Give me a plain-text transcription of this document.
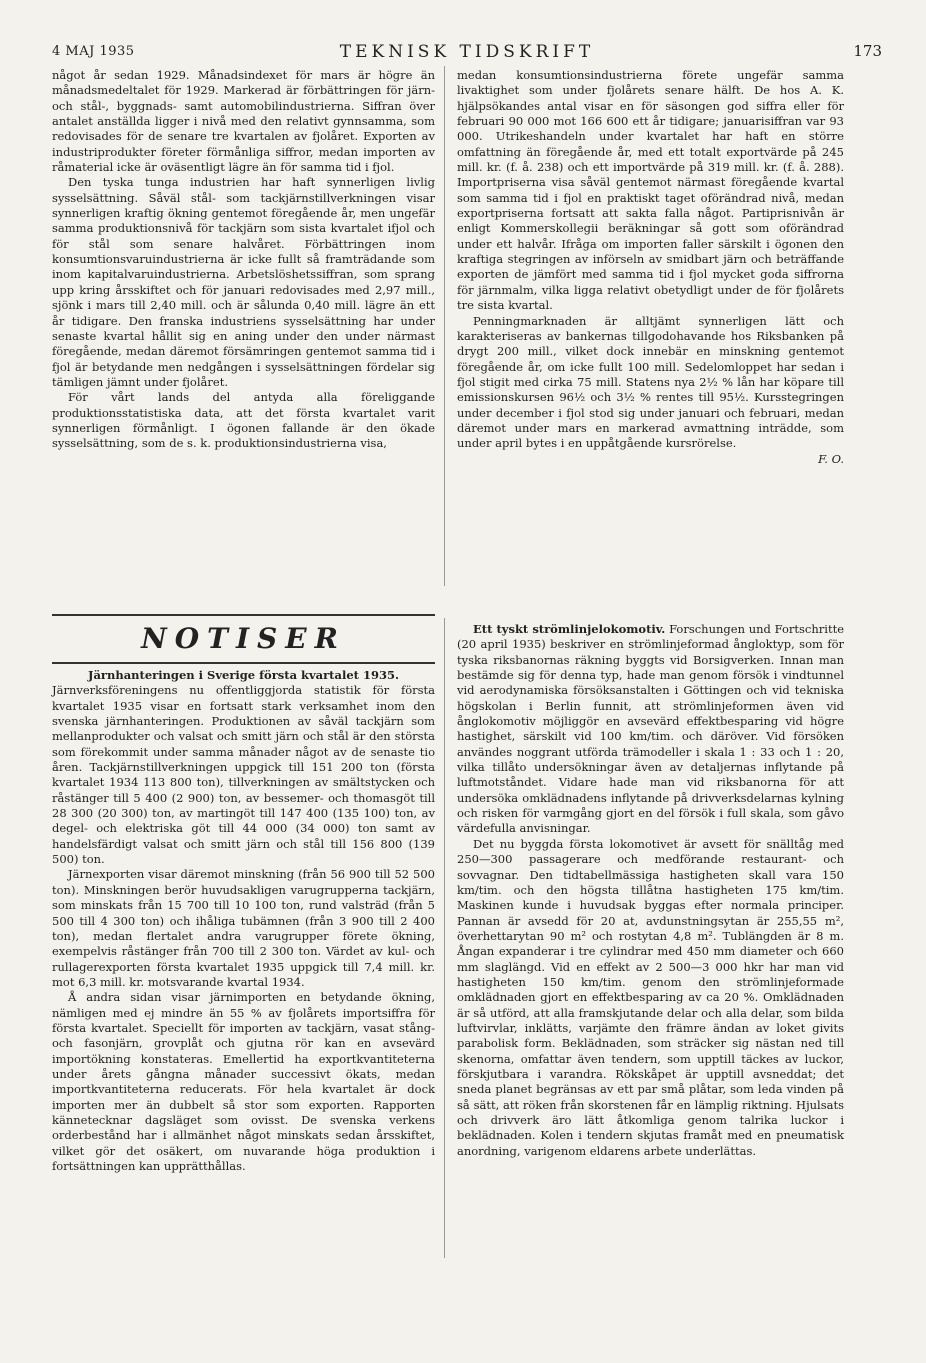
4 MAJ 1935	TEKNISK TIDSKRIFT	173

något år sedan 1929. Månadsindexet för mars är högre än månadsmedeltalet för 1929. Markerad är förbättringen för järn- och stål-, byggnads- samt automobilindustrierna. Siffran över antalet anställda ligger i nivå med den relativt gynnsamma, som redovisades för de senare tre kvartalen av fjolåret. Exporten av industriprodukter företer förmånliga siffror, medan importen av råmaterial icke är oväsentligt lägre än för samma tid i fjol.

Den tyska tunga industrien har haft synnerligen livlig sysselsättning. Såväl stål- som tackjärnstillverkningen visar synnerligen kraftig ökning gentemot föregående år, men ungefär samma produktionsnivå för tackjärn som sista kvartalet ifjol och för stål som senare halvåret. Förbättringen inom konsumtionsvaruindustrierna är icke fullt så framträdande som inom kapitalvaruindustrierna. Arbetslöshetssiffran, som sprang upp kring årsskiftet och för januari redovisades med 2,97 mill., sjönk i mars till 2,40 mill. och är sålunda 0,40 mill. lägre än ett år tidigare. Den franska industriens sysselsättning har under senaste kvartal hållit sig en aning under den under närmast föregående, medan däremot försämringen gentemot samma tid i fjol är betydande men nedgången i sysselsättningen fördelar sig tämligen jämnt under fjolåret.

För vårt lands del antyda alla föreliggande produktionsstatistiska data, att det första kvartalet varit synnerligen förmånligt. I ögonen fallande är den ökade sysselsättning, som de s. k. produktionsindustrierna visa,

medan konsumtionsindustrierna förete ungefär samma livaktighet som under fjolårets senare hälft. De hos A. K. hjälpsökandes antal visar en för säsongen god siffra eller för februari 90 000 mot 166 600 ett år tidigare; januarisiffran var 93 000. Utrikeshandeln under kvartalet har haft en större omfattning än föregående år, med ett totalt exportvärde på 245 mill. kr. (f. å. 238) och ett importvärde på 319 mill. kr. (f. å. 288). Importpriserna visa såväl gentemot närmast föregående kvartal som samma tid i fjol en praktiskt taget oförändrad nivå, medan exportpriserna fortsatt att sakta falla något. Partiprisnivån är enligt Kommerskollegii beräkningar så gott som oförändrad under ett halvår. Ifråga om importen faller särskilt i ögonen den kraftiga stegringen av införseln av smidbart järn och beträffande exporten de jämfört med samma tid i fjol mycket goda siffrorna för järnmalm, vilka ligga relativt obetydligt under de för fjolårets tre sista kvartal.

Penningmarknaden är alltjämt synnerligen lätt och karakteriseras av bankernas tillgodohavande hos Riksbanken på drygt 200 mill., vilket dock innebär en minskning gentemot föregående år, om icke fullt 100 mill. Sedelomloppet har sedan i fjol stigit med cirka 75 mill. Statens nya 2½ % lån har köpare till emissionskursen 96½ och 3½ % rentes till 95½. Kursstegringen under december i fjol stod sig under januari och februari, medan däremot under mars en markerad avmattning inträdde, som under april bytes i en uppåtgående kursrörelse.

F. O.

NOTISER

Järnhanteringen i Sverige första kvartalet 1935.

Järnverksföreningens nu offentliggjorda statistik för första kvartalet 1935 visar en fortsatt stark verksamhet inom den svenska järnhanteringen. Produktionen av såväl tackjärn som mellanprodukter och valsat och smitt järn och stål är den största som förekommit under samma månader något av de senaste tio åren. Tackjärnstillverkningen uppgick till 151 200 ton (första kvartalet 1934 113 800 ton), tillverkningen av smältstycken och råstänger till 5 400 (2 900) ton, av bessemer- och thomasgöt till 28 300 (20 300) ton, av martingöt till 147 400 (135 100) ton, av degel- och elektriska göt till 44 000 (34 000) ton samt av handelsfärdigt valsat och smitt järn och stål till 156 800 (139 500) ton.

Järnexporten visar däremot minskning (från 56 900 till 52 500 ton). Minskningen berör huvudsakligen varugrupperna tackjärn, som minskats från 15 700 till 10 100 ton, rund valsträd (från 5 500 till 4 300 ton) och ihåliga tubämnen (från 3 900 till 2 400 ton), medan flertalet andra varugrupper förete ökning, exempelvis råstänger från 700 till 2 300 ton. Värdet av kul- och rullagerexporten första kvartalet 1935 uppgick till 7,4 mill. kr. mot 6,3 mill. kr. motsvarande kvartal 1934.

Å andra sidan visar järnimporten en betydande ökning, nämligen med ej mindre än 55 % av fjolårets importsiffra för första kvartalet. Speciellt för importen av tackjärn, vasat stång- och fasonjärn, grovplåt och gjutna rör kan en avsevärd importökning konstateras. Emellertid ha exportkvantiteterna under årets gångna månader successivt ökats, medan importkvantiteterna reducerats. För hela kvartalet är dock importen mer än dubbelt så stor som exporten. Rapporten kännetecknar dagsläget som ovisst. De svenska verkens orderbestånd har i allmänhet något minskats sedan årsskiftet, vilket gör det osäkert, om nuvarande höga produktion i fortsättningen kan upprätthållas.

Ett tyskt strömlinjelokomotiv. Forschungen und Fortschritte (20 april 1935) beskriver en strömlinjeformad ångloktyp, som för tyska riksbanornas räkning byggts vid Borsigverken. Innan man bestämde sig för denna typ, hade man genom försök i vindtunnel vid aerodynamiska försöksanstalten i Göttingen och vid tekniska högskolan i Berlin funnit, att strömlinjeformen även vid ånglokomotiv möjliggör en avsevärd effektbesparing vid högre hastighet, särskilt vid 100 km/tim. och däröver. Vid försöken användes noggrant utförda trämodeller i skala 1 : 33 och 1 : 20, vilka tillåto undersökningar även av detaljernas inflytande på luftmotståndet. Vidare hade man vid riksbanorna för att undersöka omklädnadens inflytande på drivverksdelarnas kylning och risken för varmgång gjort en del försök i full skala, som gåvo värdefulla anvisningar.

Det nu byggda första lokomotivet är avsett för snälltåg med 250—300 passagerare och medförande restaurant- och sovvagnar. Den tidtabellmässiga hastigheten skall vara 150 km/tim. och den högsta tillåtna hastigheten 175 km/tim. Maskinen kunde i huvudsak byggas efter normala principer. Pannan är avsedd för 20 at, avdunstningsytan är 255,55 m², överhettarytan 90 m² och rostytan 4,8 m². Tublängden är 8 m. Ångan expanderar i tre cylindrar med 450 mm diameter och 660 mm slaglängd. Vid en effekt av 2 500—3 000 hkr har man vid hastigheten 150 km/tim. genom den strömlinjeformade omklädnaden gjort en effektbesparing av ca 20 %. Omklädnaden är så utförd, att alla framskjutande delar och alla delar, som bilda luftvirvlar, inklätts, varjämte den främre ändan av loket givits parabolisk form. Beklädnaden, som sträcker sig nästan ned till skenorna, omfattar även tendern, som upptill täckes av luckor, förskjutbara i varandra. Rökskåpet är upptill avsneddat; det sneda planet begränsas av ett par små plåtar, som leda vinden på så sätt, att röken från skorstenen får en lämplig riktning. Hjulsats och drivverk äro lätt åtkomliga genom talrika luckor i beklädnaden. Kolen i tendern skjutas framåt med en pneumatisk anordning, varigenom eldarens arbete underlättas.
